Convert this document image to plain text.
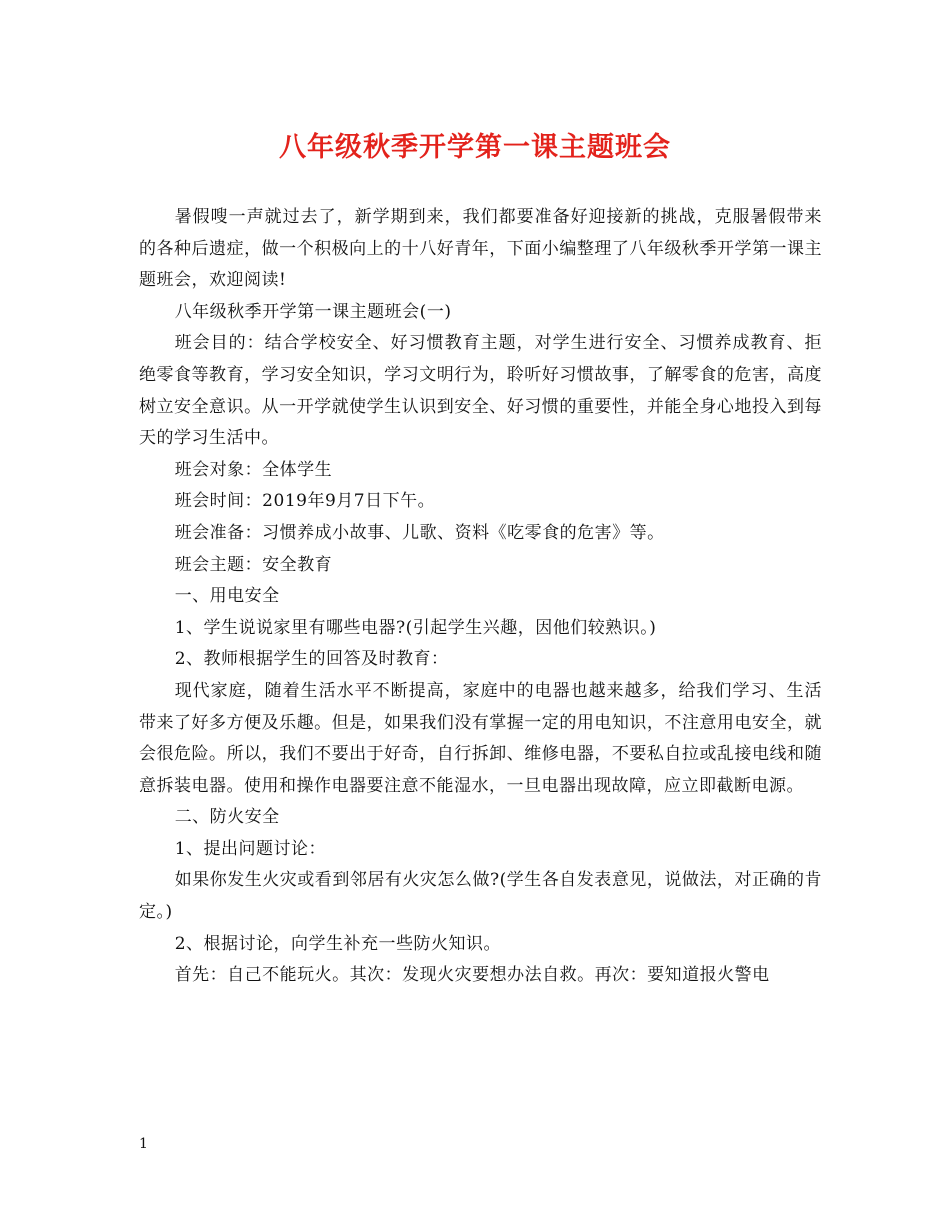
八年级秋季开学第一课主题班会

暑假嗖一声就过去了，新学期到来，我们都要准备好迎接新的挑战，克服暑假带来的各种后遗症，做一个积极向上的十八好青年，下面小编整理了八年级秋季开学第一课主题班会，欢迎阅读!

八年级秋季开学第一课主题班会(一)

班会目的：结合学校安全、好习惯教育主题，对学生进行安全、习惯养成教育、拒绝零食等教育，学习安全知识，学习文明行为，聆听好习惯故事，了解零食的危害，高度树立安全意识。从一开学就使学生认识到安全、好习惯的重要性，并能全身心地投入到每天的学习生活中。

班会对象：全体学生

班会时间：2019年9月7日下午。

班会准备：习惯养成小故事、儿歌、资料《吃零食的危害》等。

班会主题：安全教育

一、用电安全

1、学生说说家里有哪些电器?(引起学生兴趣，因他们较熟识。)

2、教师根据学生的回答及时教育：

现代家庭，随着生活水平不断提高，家庭中的电器也越来越多，给我们学习、生活带来了好多方便及乐趣。但是，如果我们没有掌握一定的用电知识，不注意用电安全，就会很危险。所以，我们不要出于好奇，自行拆卸、维修电器，不要私自拉或乱接电线和随意拆装电器。使用和操作电器要注意不能湿水，一旦电器出现故障，应立即截断电源。

二、防火安全

1、提出问题讨论：

如果你发生火灾或看到邻居有火灾怎么做?(学生各自发表意见，说做法，对正确的肯定。)

2、根据讨论，向学生补充一些防火知识。

首先：自己不能玩火。其次：发现火灾要想办法自救。再次：要知道报火警电

1
